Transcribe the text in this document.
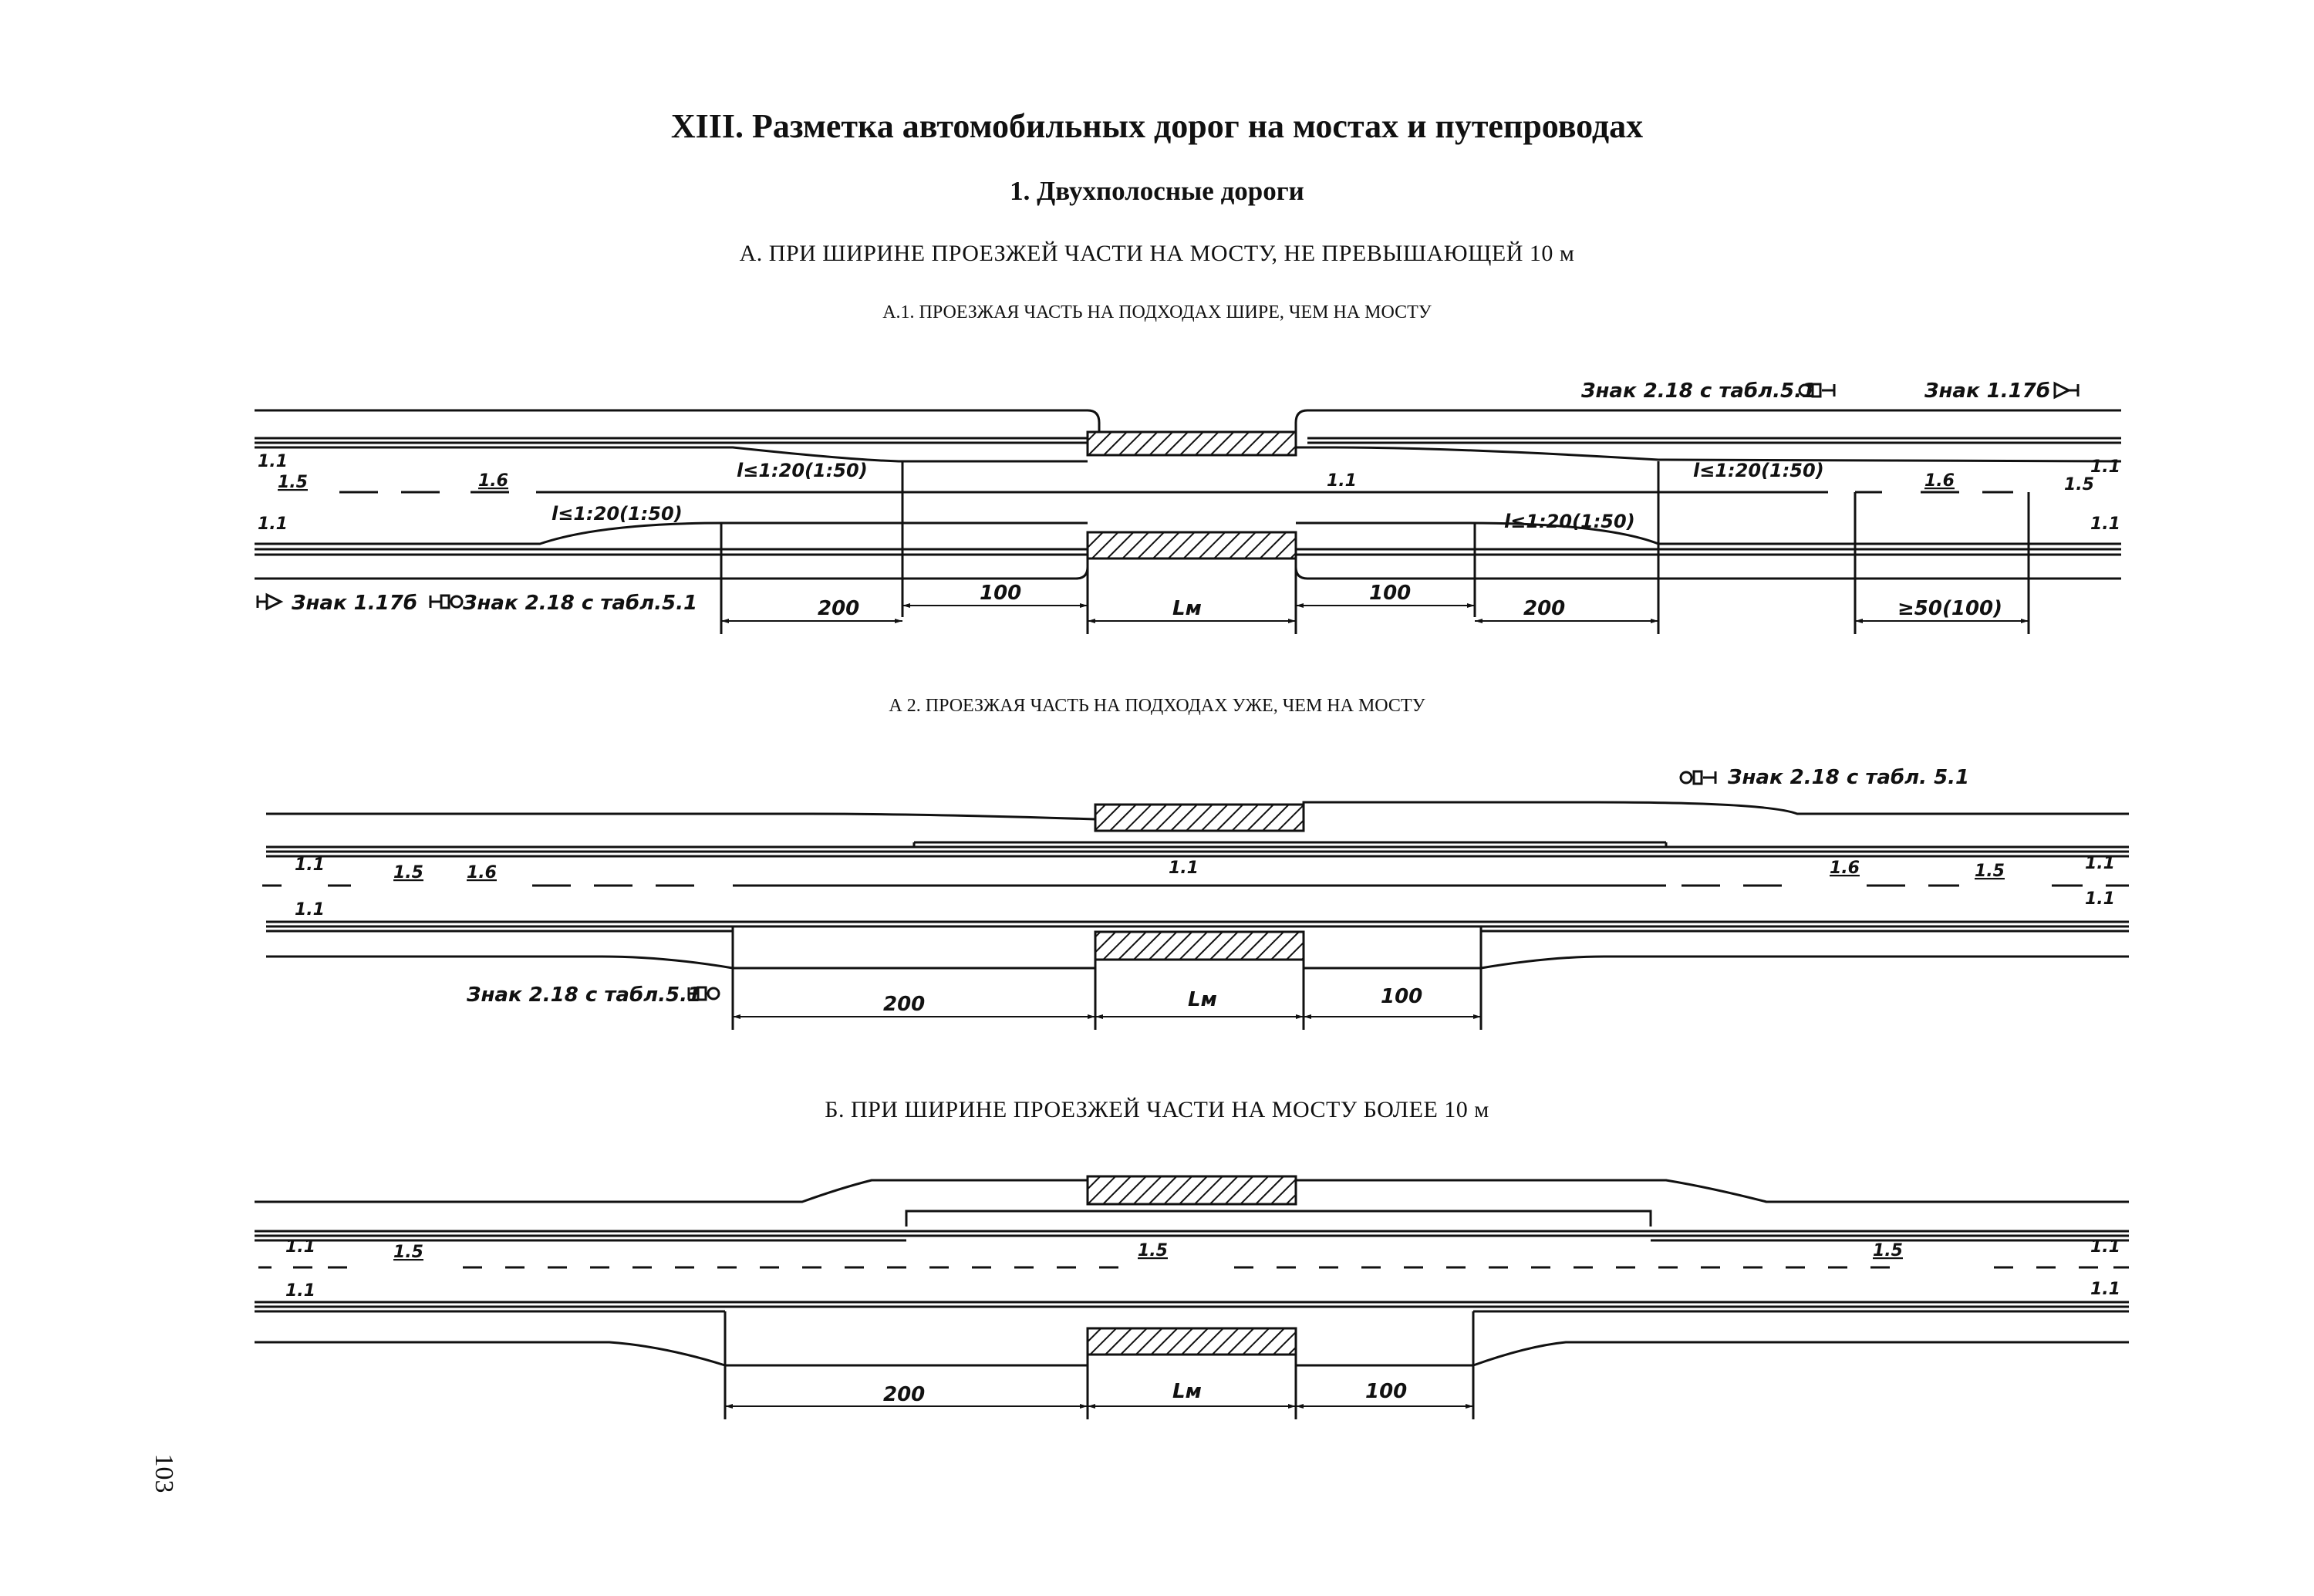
XIII. Разметка автомобильных дорог на мостах и путепроводах
1. Двухполосные дороги
А. ПРИ ШИРИНЕ ПРОЕЗЖЕЙ ЧАСТИ НА МОСТУ, НЕ ПРЕВЫШАЮЩЕЙ 10 м
А.1. ПРОЕЗЖАЯ ЧАСТЬ НА ПОДХОДАХ ШИРЕ, ЧЕМ НА МОСТУ
А 2. ПРОЕЗЖАЯ ЧАСТЬ НА ПОДХОДАХ УЖЕ, ЧЕМ НА МОСТУ
Б. ПРИ ШИРИНЕ ПРОЕЗЖЕЙ ЧАСТИ НА МОСТУ БОЛЕЕ 10 м
103
Знак 2.18 с табл.5.1	Знак 1.17б
Знак 1.17б Знак 2.18 с табл.5.1
l≤1:20(1:50)	l≤1:20(1:50)
l≤1:20(1:50)	l≤1:20(1:50)
1.1
1.5	1.6
1.1
1.1	1.6	1.5
1.1
1.1
200
100
Lм
100
200	≥50(100)
Знак 2.18 с табл. 5.1
Знак 2.18 с табл.5.1
1.1	1.5	1.6
1.1
1.1	1.6	1.5	1.1
1.1
200	Lм	100
1.1	1.5
1.1
1.5	1.5	1.1
1.1
200	Lм	100
